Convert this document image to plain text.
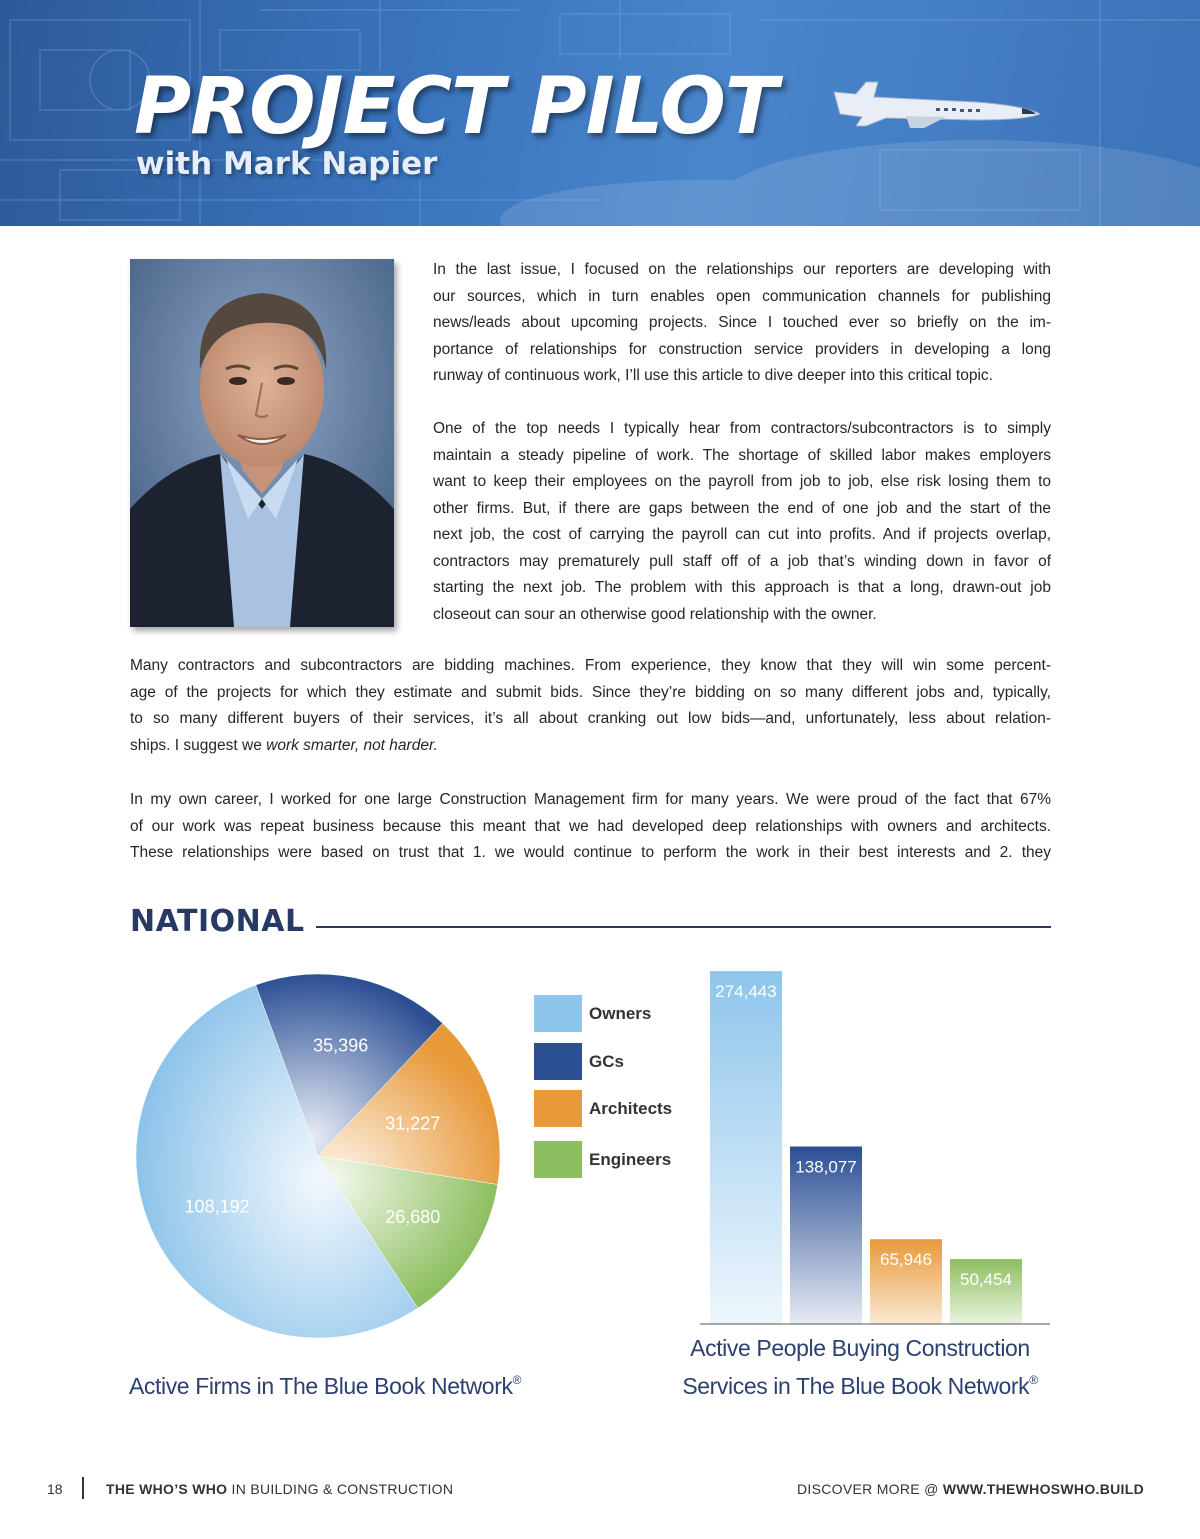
PROJECT PILOT
with Mark Napier

In the last issue, I focused on the relationships our reporters are developing with
our sources, which in turn enables open communication channels for publishing
news/leads about upcoming projects. Since I touched ever so briefly on the im-
portance of relationships for construction service providers in developing a long
runway of continuous work, I’ll use this article to dive deeper into this critical topic.

One of the top needs I typically hear from contractors/subcontractors is to simply
maintain a steady pipeline of work. The shortage of skilled labor makes employers
want to keep their employees on the payroll from job to job, else risk losing them to
other firms. But, if there are gaps between the end of one job and the start of the
next job, the cost of carrying the payroll can cut into profits. And if projects overlap,
contractors may prematurely pull staff off of a job that’s winding down in favor of
starting the next job. The problem with this approach is that a long, drawn-out job
closeout can sour an otherwise good relationship with the owner.

Many contractors and subcontractors are bidding machines. From experience, they know that they will win some percent-
age of the projects for which they estimate and submit bids. Since they’re bidding on so many different jobs and, typically,
to so many different buyers of their services, it’s all about cranking out low bids—and, unfortunately, less about relation-
ships. I suggest we work smarter, not harder.

In my own career, I worked for one large Construction Management firm for many years. We were proud of the fact that 67%
of our work was repeat business because this meant that we had developed deep relationships with owners and architects.
These relationships were based on trust that 1. we would continue to perform the work in their best interests and 2. they

NATIONAL
108,192
35,396
31,227
26,680
Owners
GCs
Architects
Engineers
274,443
138,077
65,946
50,454

Active Firms in The Blue Book Network®

Active People Buying Construction
Services in The Blue Book Network®

18	THE WHO’S WHO IN BUILDING & CONSTRUCTION	DISCOVER MORE @ WWW.THEWHOSWHO.BUILD
